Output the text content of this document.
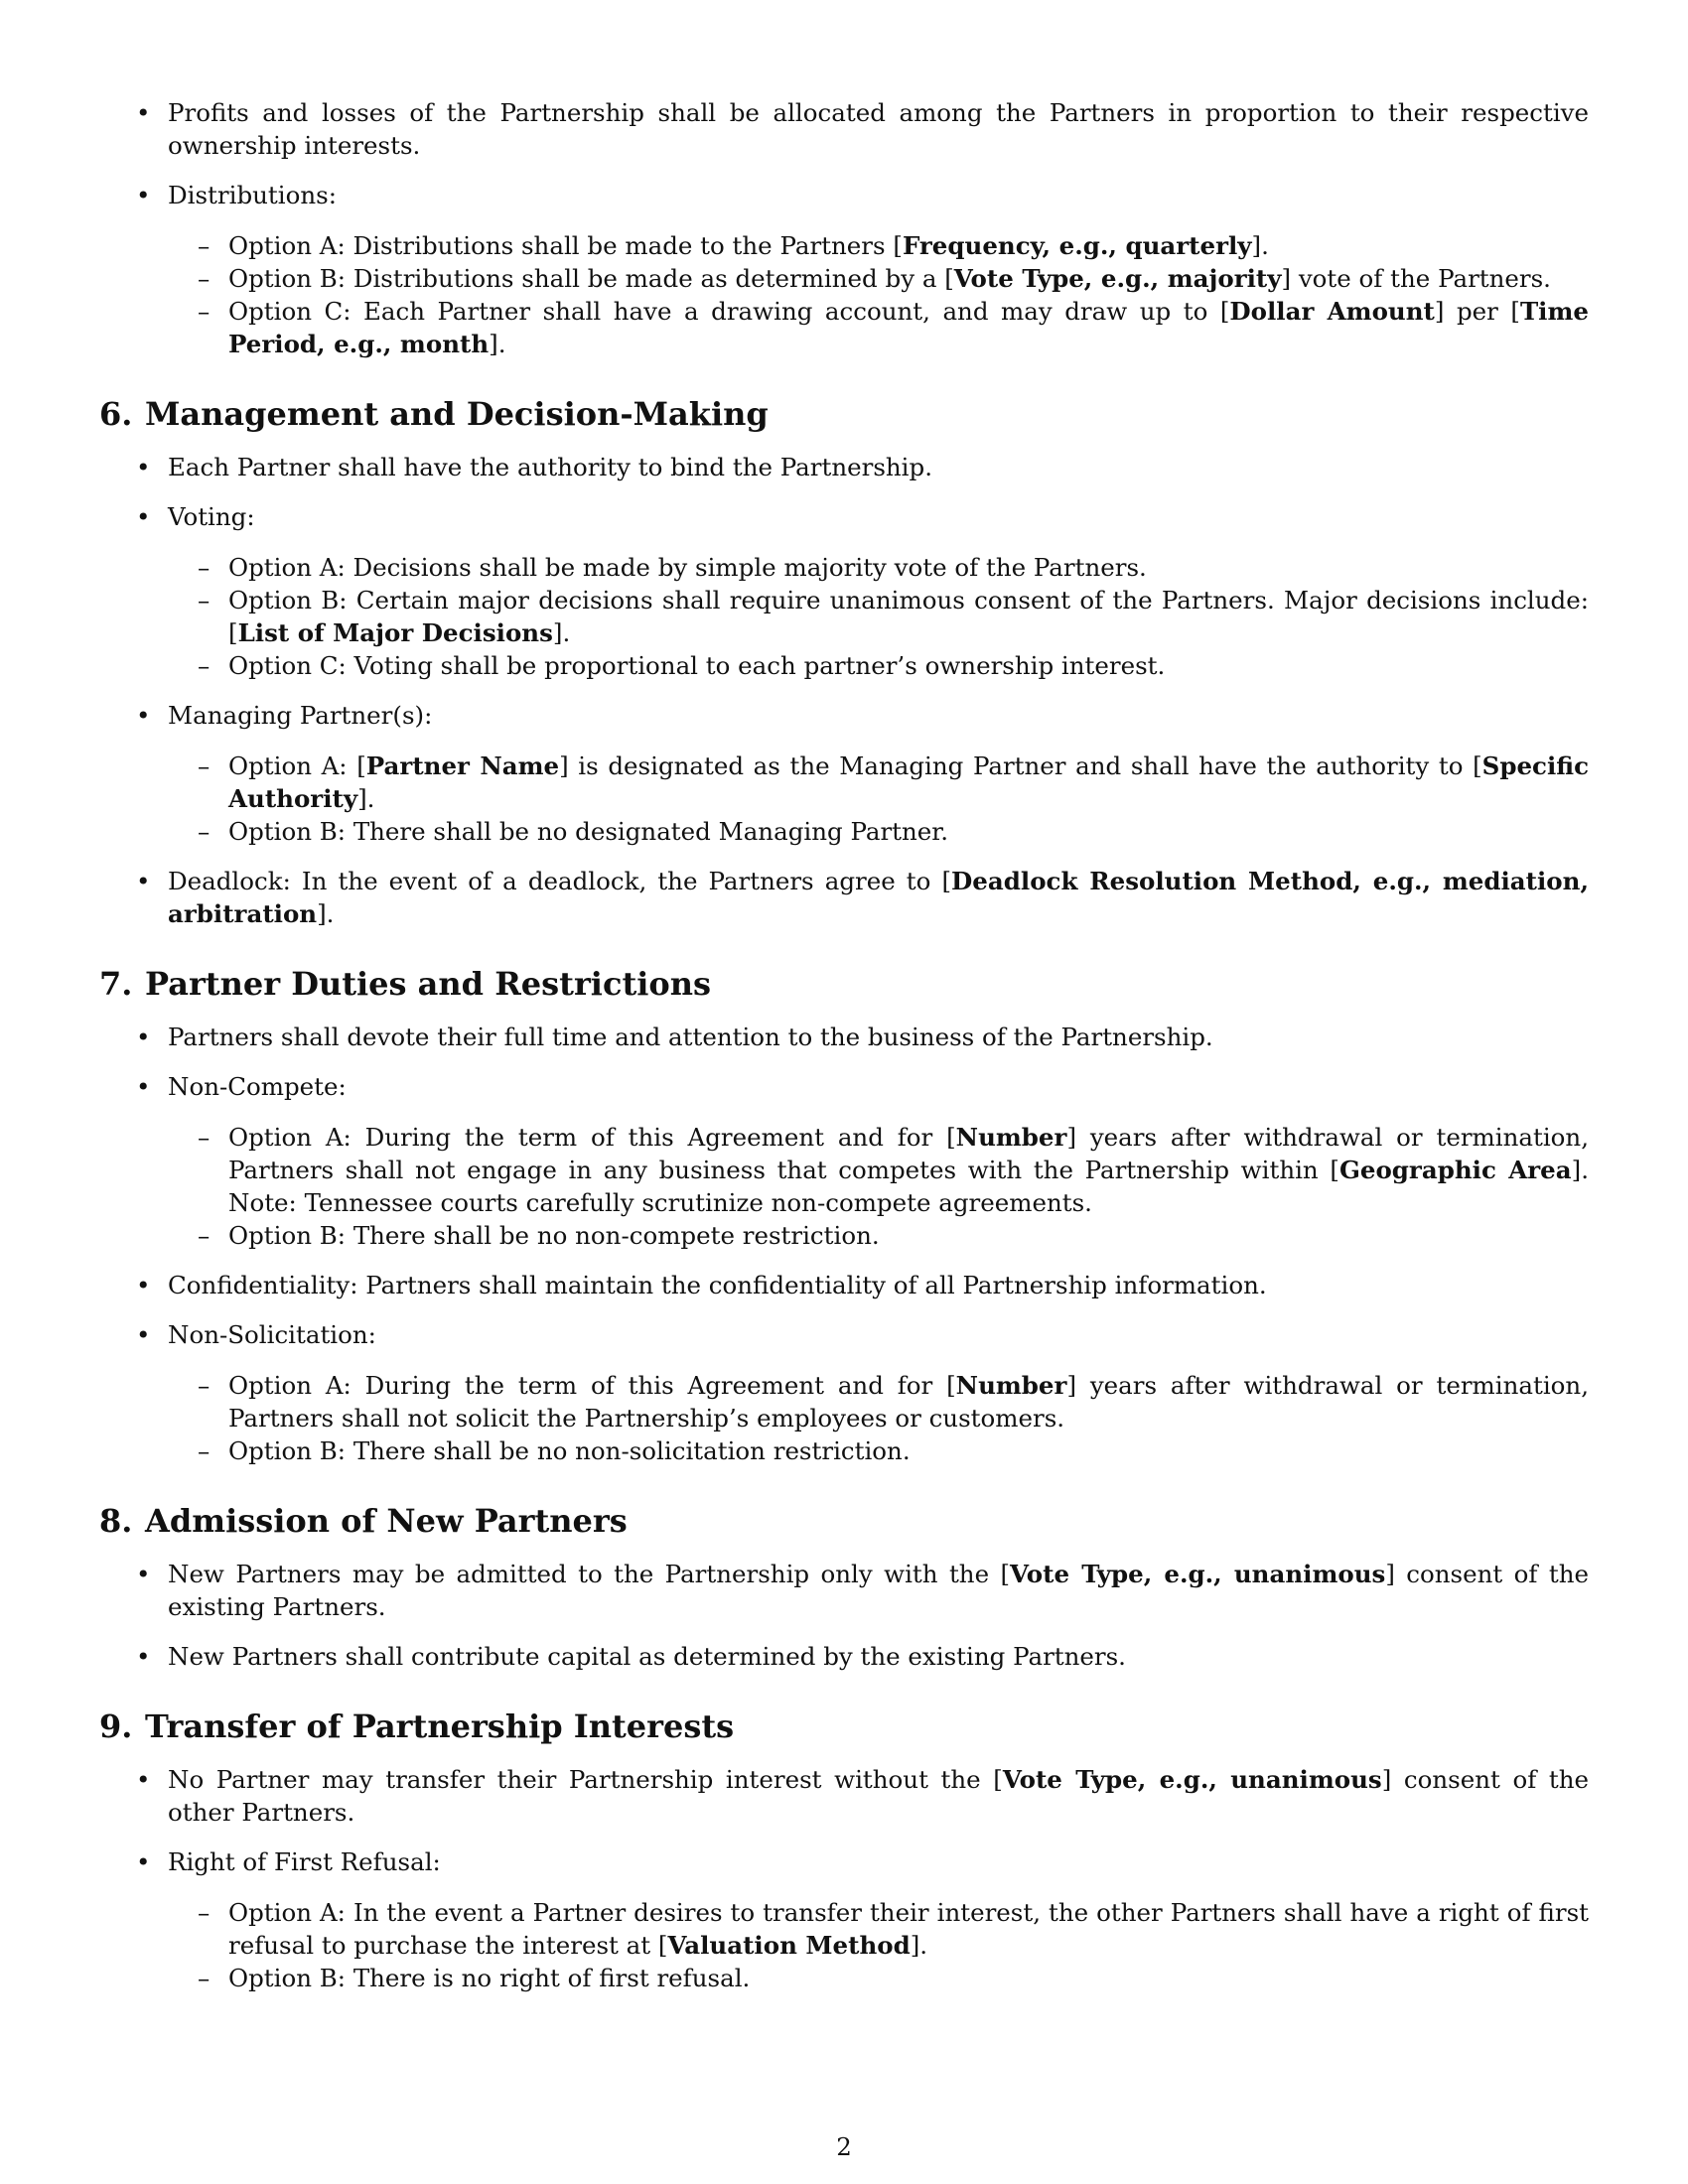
• Profits and losses of the Partnership shall be allocated among the Partners in proportion to their respective ownership interests.
• Distributions:
– Option A: Distributions shall be made to the Partners [Frequency, e.g., quarterly].
– Option B: Distributions shall be made as determined by a [Vote Type, e.g., majority] vote of the Partners.
– Option C: Each Partner shall have a drawing account, and may draw up to [Dollar Amount] per [Time Period, e.g., month].
6. Management and Decision-Making
• Each Partner shall have the authority to bind the Partnership.
• Voting:
– Option A: Decisions shall be made by simple majority vote of the Partners.
– Option B: Certain major decisions shall require unanimous consent of the Partners. Major decisions include: [List of Major Decisions].
– Option C: Voting shall be proportional to each partner’s ownership interest.
• Managing Partner(s):
– Option A: [Partner Name] is designated as the Managing Partner and shall have the authority to [Specific Authority].
– Option B: There shall be no designated Managing Partner.
• Deadlock: In the event of a deadlock, the Partners agree to [Deadlock Resolution Method, e.g., mediation, arbitration].
7. Partner Duties and Restrictions
• Partners shall devote their full time and attention to the business of the Partnership.
• Non-Compete:
– Option A: During the term of this Agreement and for [Number] years after withdrawal or termination, Partners shall not engage in any business that competes with the Partnership within [Geographic Area]. Note: Tennessee courts carefully scrutinize non-compete agreements.
– Option B: There shall be no non-compete restriction.
• Confidentiality: Partners shall maintain the confidentiality of all Partnership information.
• Non-Solicitation:
– Option A: During the term of this Agreement and for [Number] years after withdrawal or termination, Partners shall not solicit the Partnership’s employees or customers.
– Option B: There shall be no non-solicitation restriction.
8. Admission of New Partners
• New Partners may be admitted to the Partnership only with the [Vote Type, e.g., unanimous] consent of the existing Partners.
• New Partners shall contribute capital as determined by the existing Partners.
9. Transfer of Partnership Interests
• No Partner may transfer their Partnership interest without the [Vote Type, e.g., unanimous] consent of the other Partners.
• Right of First Refusal:
– Option A: In the event a Partner desires to transfer their interest, the other Partners shall have a right of first refusal to purchase the interest at [Valuation Method].
– Option B: There is no right of first refusal.
2
